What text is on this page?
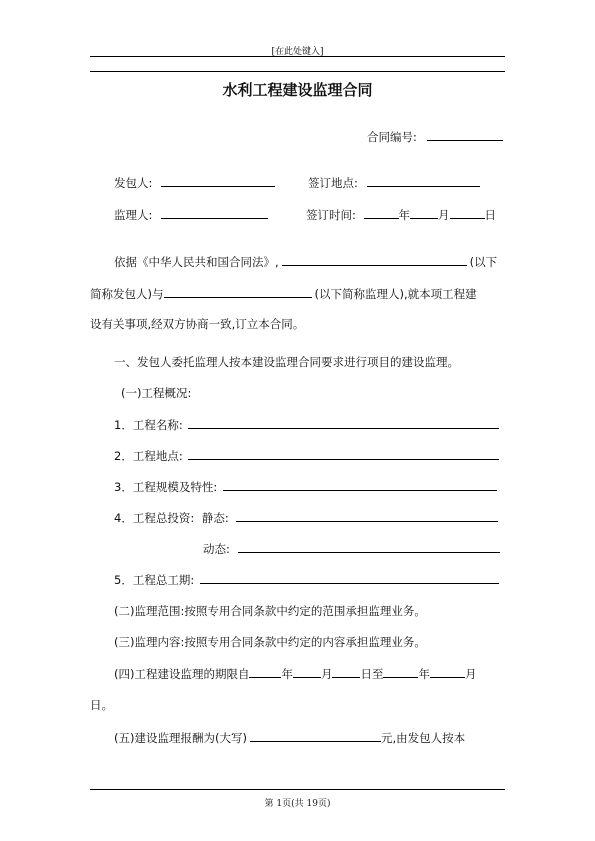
[在此处键入]
水利工程建设监理合同
合同编号:
发包人:	签订地点:
监理人:	签订时间:	年 月	日
依据《中华人民共和国合同法》,	(以下
简称发包人)与	(以下简称监理人),就本项工程建
设有关事项,经双方协商一致,订立本合同。
一、发包人委托监理人按本建设监理合同要求进行项目的建设监理。
(一)工程概况:
1．工程名称:
2．工程地点:
3．工程规模及特性:
4．工程总投资: 静态:
动态:
5．工程总工期:
(二)监理范围:按照专用合同条款中约定的范围承担监理业务。
(三)监理内容:按照专用合同条款中约定的内容承担监理业务。
(四)工程建设监理的期限自	年 月 日至	年	月
日。
(五)建设监理报酬为(大写)	元,由发包人按本
第 1页(共 19页)
